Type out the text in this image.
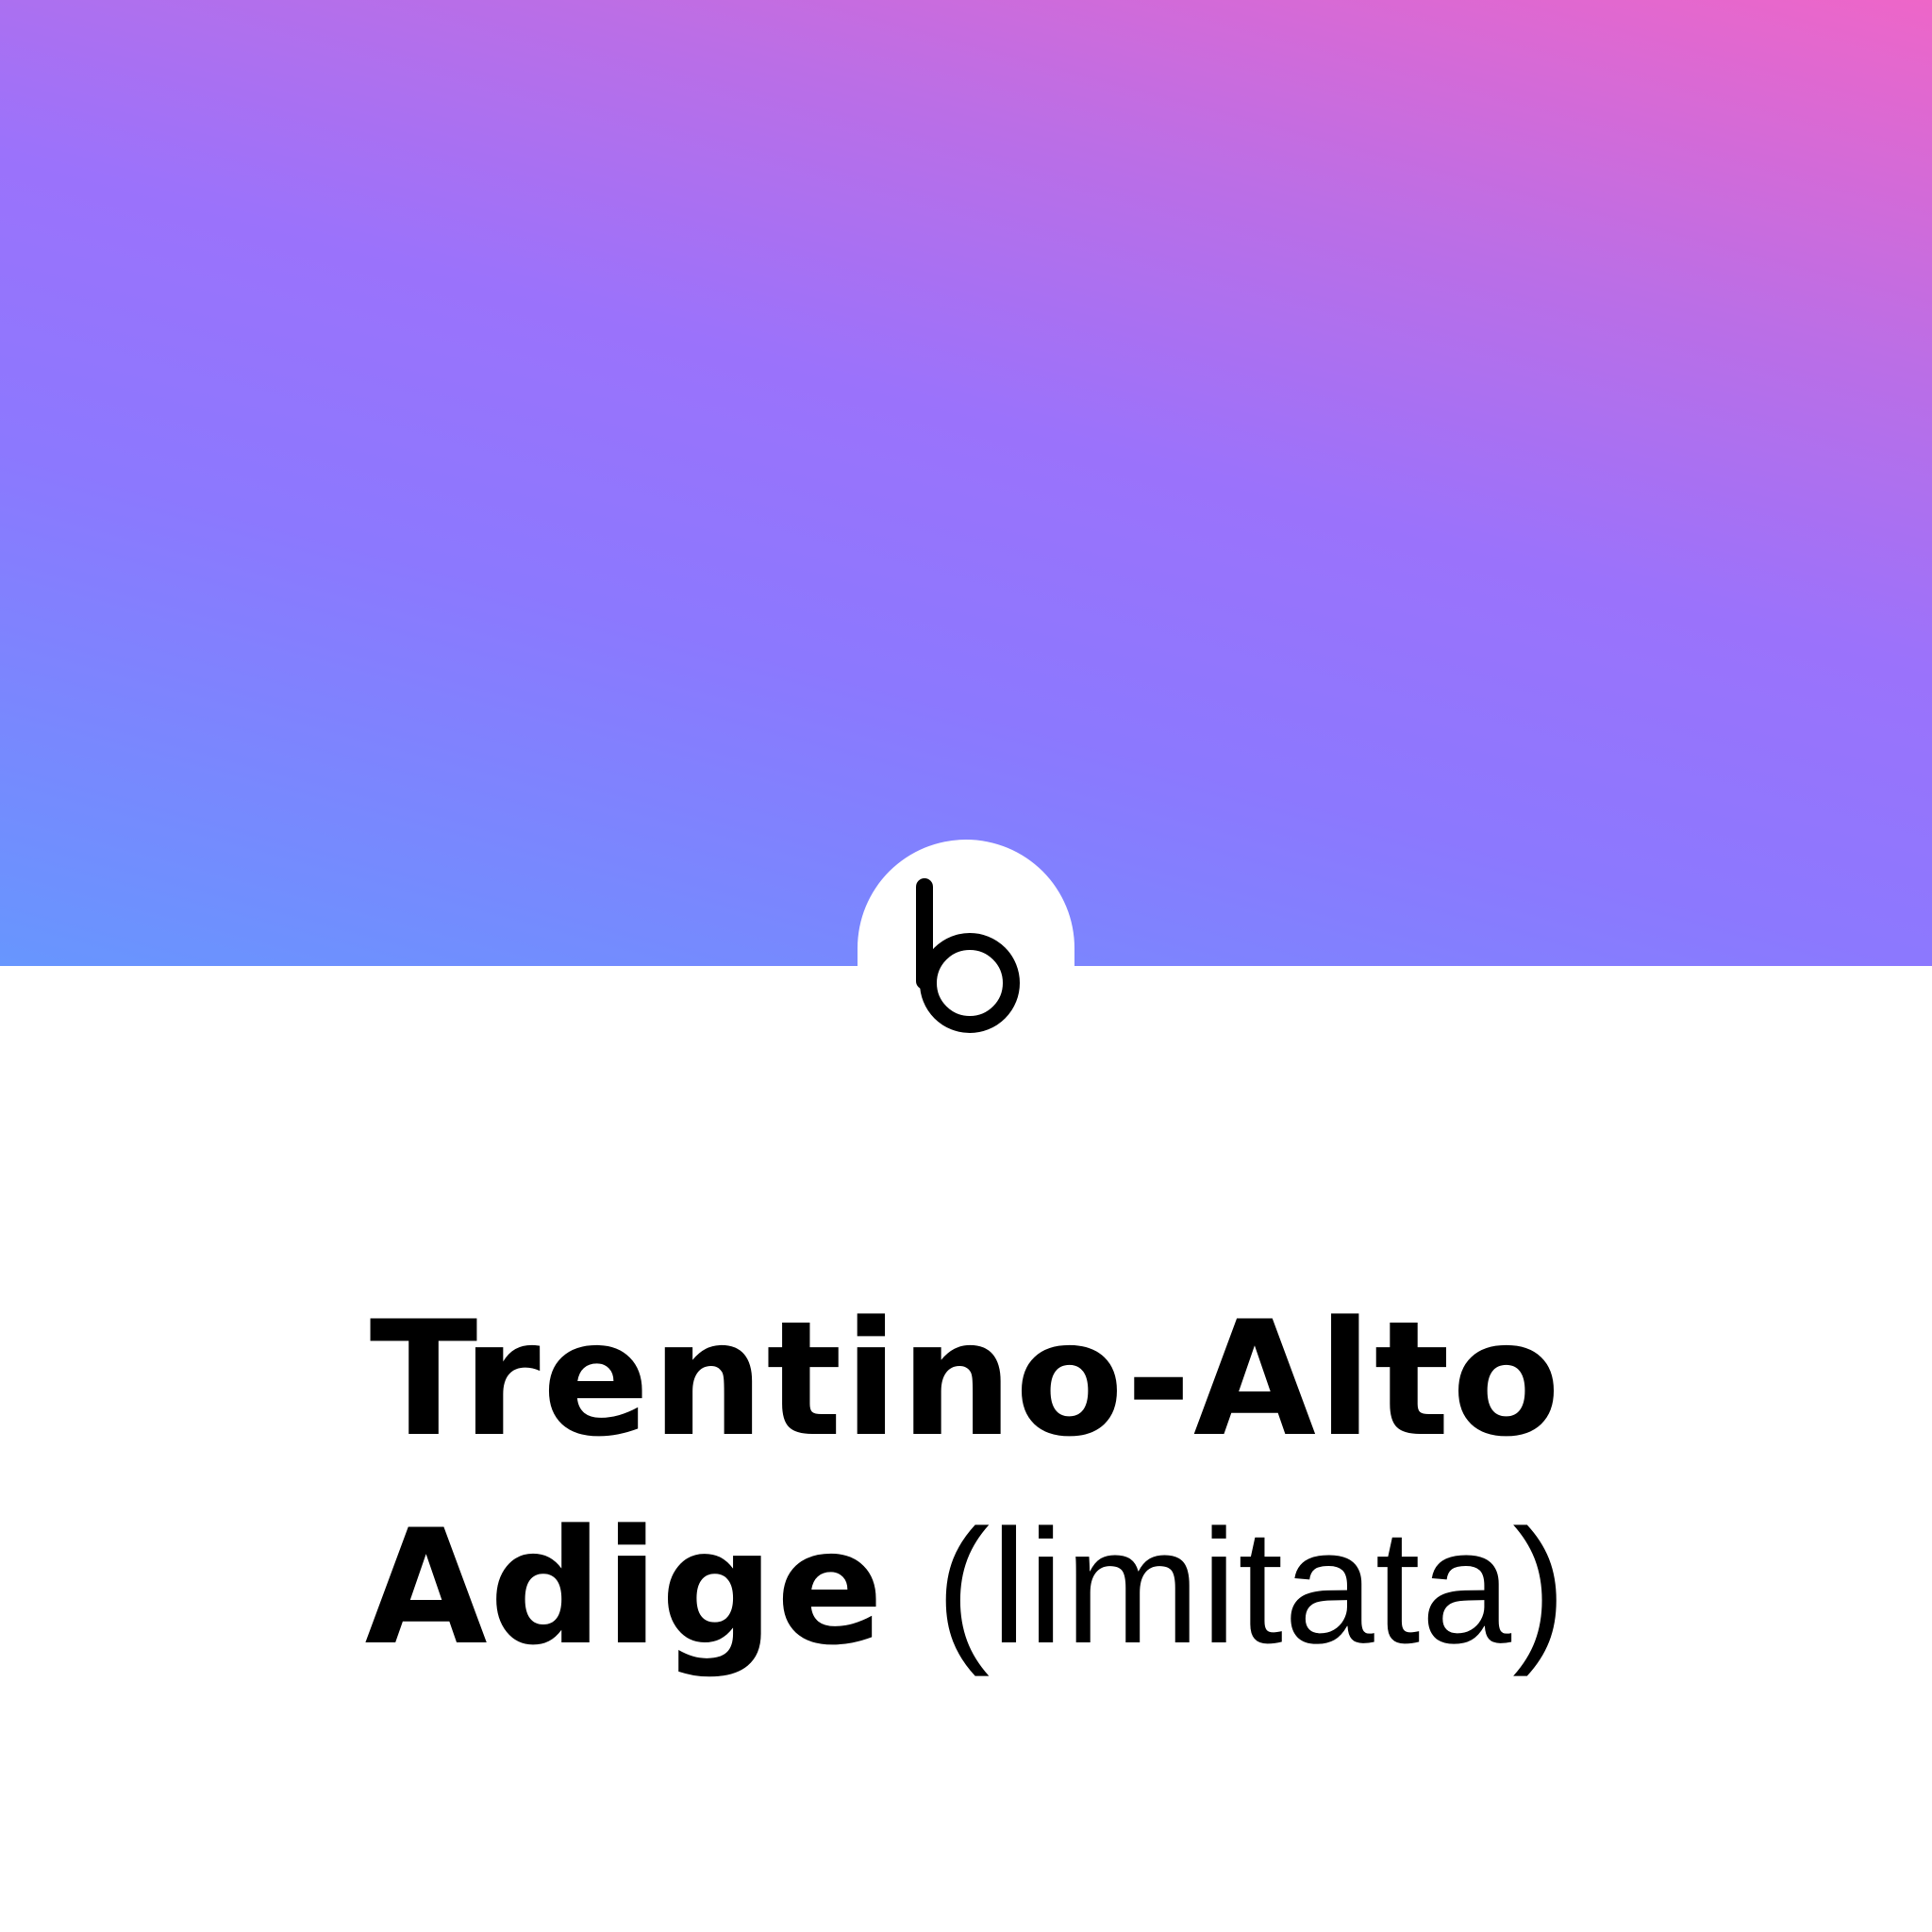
Trentino-Alto
Adige (limitata)
